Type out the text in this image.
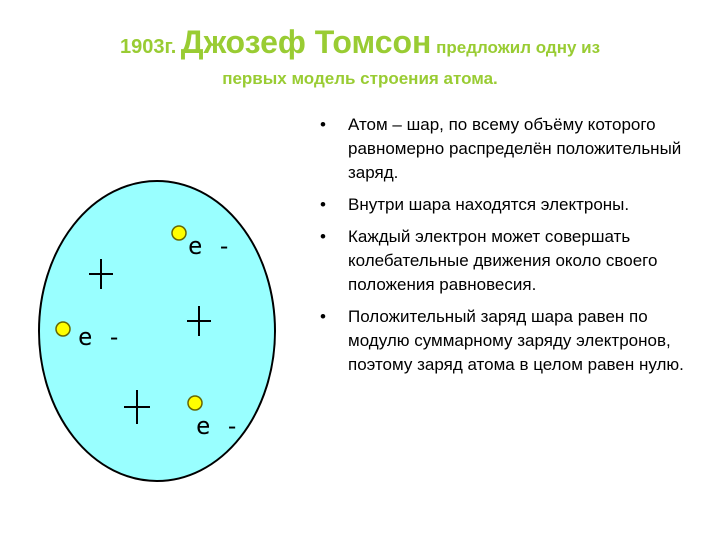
1903г. Джозеф Томсон предложил одну из
первых модель строения атома.
e -
e -
e -
• Атом – шар, по всему объёму которого равномерно распределён положительный заряд.
• Внутри шара находятся электроны.
• Каждый электрон может совершать колебательные движения около своего положения равновесия.
• Положительный заряд шара равен по модулю суммарному заряду электронов, поэтому заряд атома в целом равен нулю.
